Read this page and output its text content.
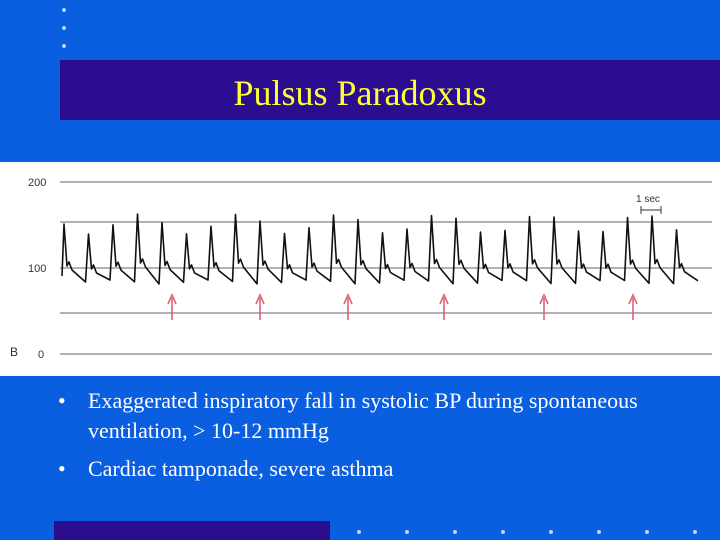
Pulsus Paradoxus
200
100
0
B
1 sec
• Exaggerated inspiratory fall in systolic BP during spontaneous ventilation, > 10-12 mmHg
• Cardiac tamponade, severe asthma
